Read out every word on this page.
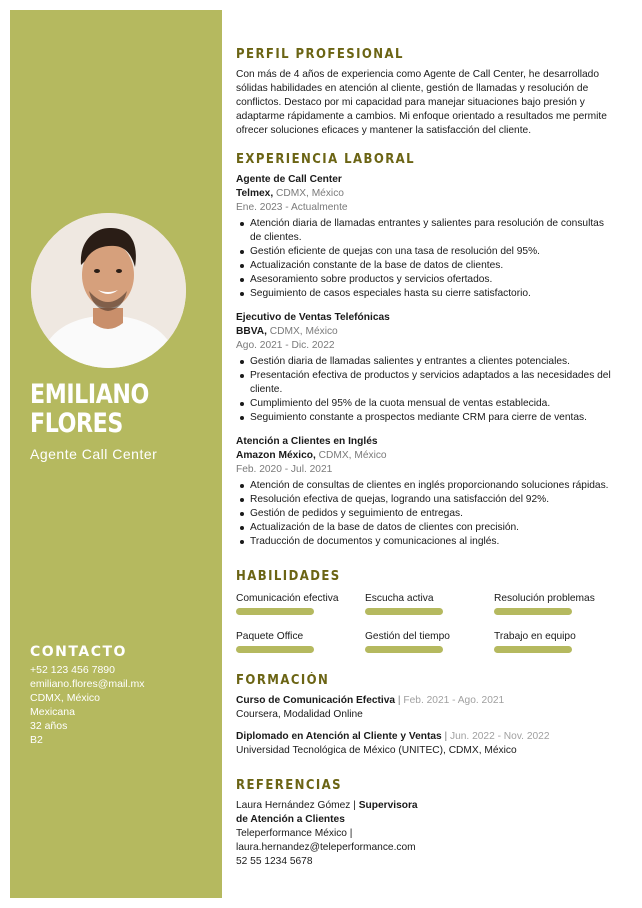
EMILIANO
FLORES
Agente Call Center
CONTACTO
+52 123 456 7890
emiliano.flores@mail.mx
CDMX, México
Mexicana
32 años
B2
PERFIL PROFESIONAL

Con más de 4 años de experiencia como Agente de Call Center, he desarrollado sólidas habilidades en atención al cliente, gestión de llamadas y resolución de conflictos. Destaco por mi capacidad para manejar situaciones bajo presión y adaptarme rápidamente a cambios. Mi enfoque orientado a resultados me permite ofrecer soluciones eficaces y mantener la satisfacción del cliente.

EXPERIENCIA LABORAL
Agente de Call Center
Telmex, CDMX, México
Ene. 2023 - Actualmente
Atención diaria de llamadas entrantes y salientes para resolución de consultas de clientes.
Gestión eficiente de quejas con una tasa de resolución del 95%.
Actualización constante de la base de datos de clientes.
Asesoramiento sobre productos y servicios ofertados.
Seguimiento de casos especiales hasta su cierre satisfactorio.
Ejecutivo de Ventas Telefónicas
BBVA, CDMX, México
Ago. 2021 - Dic. 2022
Gestión diaria de llamadas salientes y entrantes a clientes potenciales.
Presentación efectiva de productos y servicios adaptados a las necesidades del cliente.
Cumplimiento del 95% de la cuota mensual de ventas establecida.
Seguimiento constante a prospectos mediante CRM para cierre de ventas.
Atención a Clientes en Inglés
Amazon México, CDMX, México
Feb. 2020 - Jul. 2021
Atención de consultas de clientes en inglés proporcionando soluciones rápidas.
Resolución efectiva de quejas, logrando una satisfacción del 92%.
Gestión de pedidos y seguimiento de entregas.
Actualización de la base de datos de clientes con precisión.
Traducción de documentos y comunicaciones al inglés.
HABILIDADES
Comunicación efectiva	Escucha activa	Resolución problemas
Paquete Office	Gestión del tiempo	Trabajo en equipo
FORMACIÓN
Curso de Comunicación Efectiva | Feb. 2021 - Ago. 2021
Coursera, Modalidad Online
Diplomado en Atención al Cliente y Ventas | Jun. 2022 - Nov. 2022
Universidad Tecnológica de México (UNITEC), CDMX, México
REFERENCIAS
Laura Hernández Gómez | Supervisora
de Atención a Clientes
Teleperformance México |
laura.hernandez@teleperformance.com
52 55 1234 5678
